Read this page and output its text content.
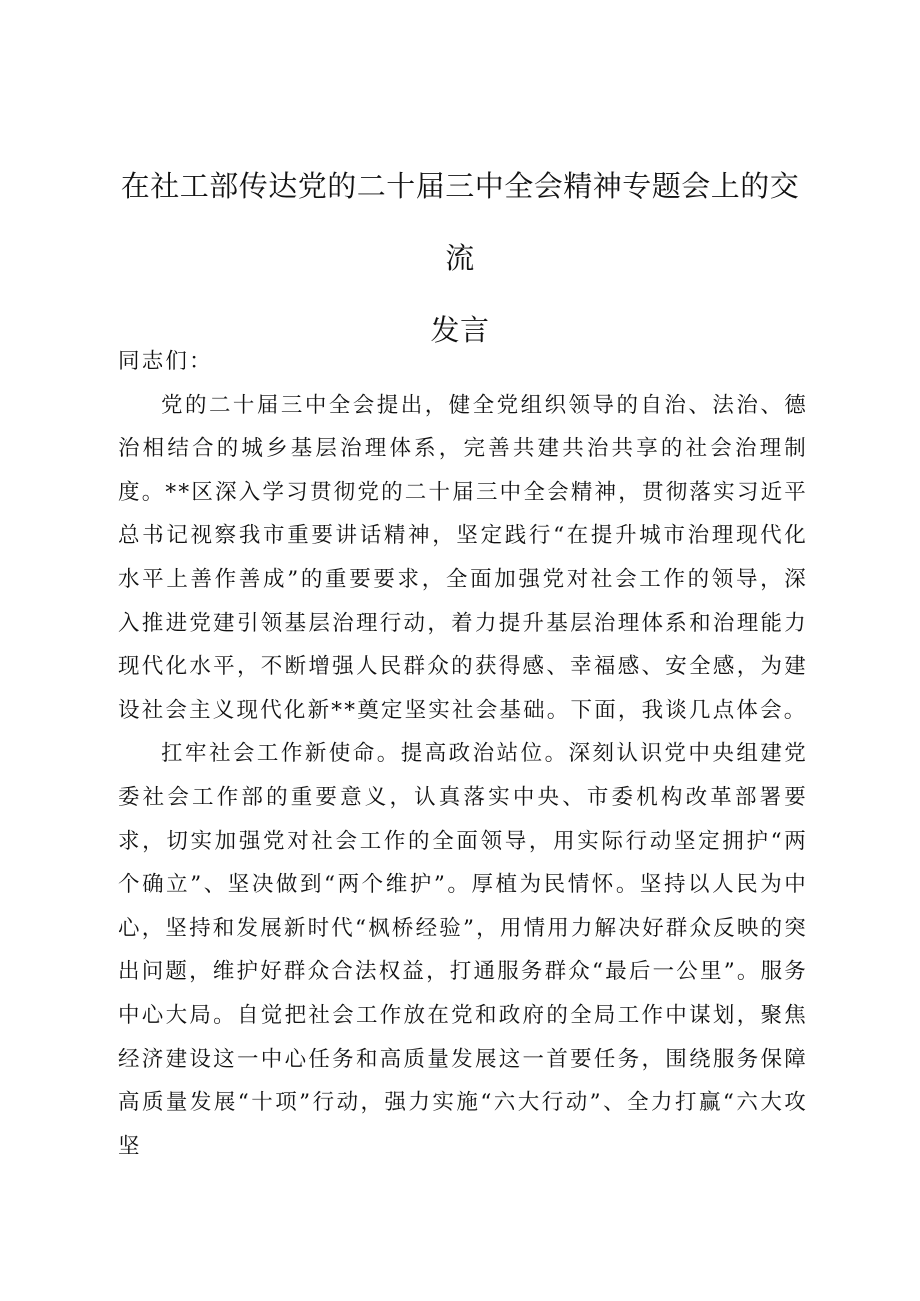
在社工部传达党的二十届三中全会精神专题会上的交流
发言

同志们：

党的二十届三中全会提出，健全党组织领导的自治、法治、德治相结合的城乡基层治理体系，完善共建共治共享的社会治理制度。**区深入学习贯彻党的二十届三中全会精神，贯彻落实习近平总书记视察我市重要讲话精神，坚定践行“在提升城市治理现代化水平上善作善成”的重要要求，全面加强党对社会工作的领导，深入推进党建引领基层治理行动，着力提升基层治理体系和治理能力现代化水平，不断增强人民群众的获得感、幸福感、安全感，为建设社会主义现代化新**奠定坚实社会基础。下面，我谈几点体会。

扛牢社会工作新使命。提高政治站位。深刻认识党中央组建党委社会工作部的重要意义，认真落实中央、市委机构改革部署要求，切实加强党对社会工作的全面领导，用实际行动坚定拥护“两个确立”、坚决做到“两个维护”。厚植为民情怀。坚持以人民为中心，坚持和发展新时代“枫桥经验”，用情用力解决好群众反映的突出问题，维护好群众合法权益，打通服务群众“最后一公里”。服务中心大局。自觉把社会工作放在党和政府的全局工作中谋划，聚焦经济建设这一中心任务和高质量发展这一首要任务，围绕服务保障高质量发展“十项”行动，强力实施“六大行动”、全力打赢“六大攻坚
